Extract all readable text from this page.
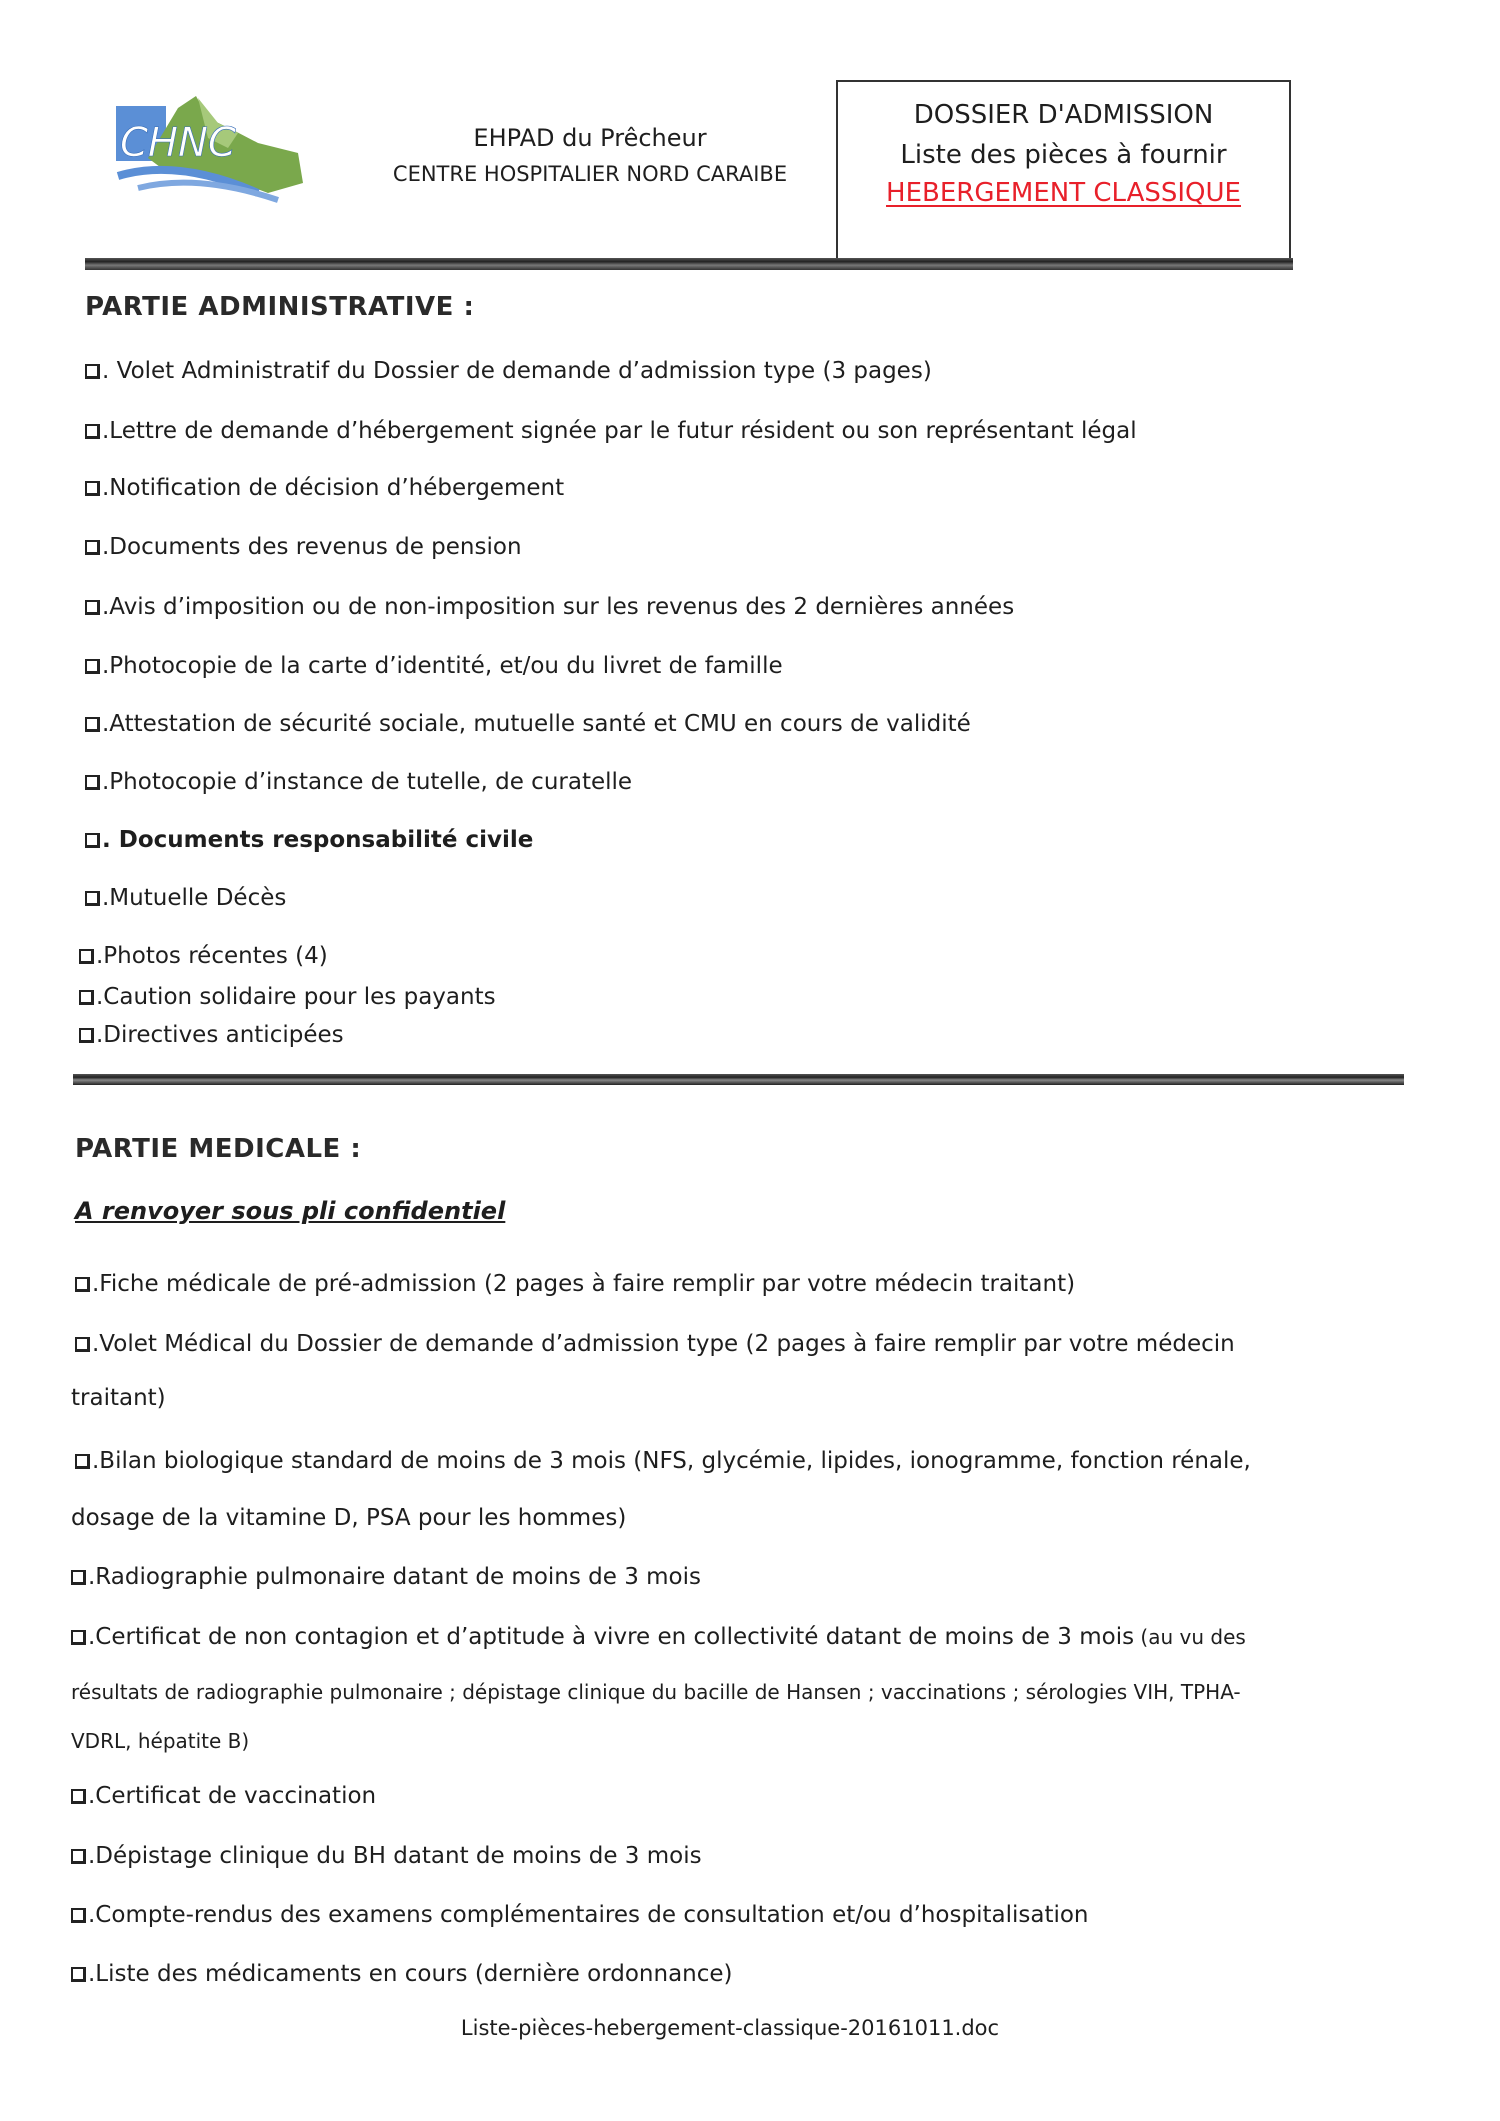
CHNC	EHPAD du Prêcheur
CENTRE HOSPITALIER NORD CARAIBE
DOSSIER D'ADMISSION
Liste des pièces à fournir
HEBERGEMENT CLASSIQUE
PARTIE ADMINISTRATIVE :
. Volet Administratif du Dossier de demande d’admission type (3 pages)
.Lettre de demande d’hébergement signée par le futur résident ou son représentant légal
.Notification de décision d’hébergement
.Documents des revenus de pension
.Avis d’imposition ou de non-imposition sur les revenus des 2 dernières années
.Photocopie de la carte d’identité, et/ou du livret de famille
.Attestation de sécurité sociale, mutuelle santé et CMU en cours de validité
.Photocopie d’instance de tutelle, de curatelle
. Documents responsabilité civile
.Mutuelle Décès
.Photos récentes (4)
.Caution solidaire pour les payants
.Directives anticipées
PARTIE MEDICALE :
A renvoyer sous pli confidentiel
.Fiche médicale de pré-admission (2 pages à faire remplir par votre médecin traitant)
.Volet Médical du Dossier de demande d’admission type (2 pages à faire remplir par votre médecin
traitant)
.Bilan biologique standard de moins de 3 mois (NFS, glycémie, lipides, ionogramme, fonction rénale,
dosage de la vitamine D, PSA pour les hommes)
.Radiographie pulmonaire datant de moins de 3 mois
.Certificat de non contagion et d’aptitude à vivre en collectivité datant de moins de 3 mois (au vu des
résultats de radiographie pulmonaire ; dépistage clinique du bacille de Hansen ; vaccinations ; sérologies VIH, TPHA-
VDRL, hépatite B)
.Certificat de vaccination
.Dépistage clinique du BH datant de moins de 3 mois
.Compte-rendus des examens complémentaires de consultation et/ou d’hospitalisation
.Liste des médicaments en cours (dernière ordonnance)
Liste-pièces-hebergement-classique-20161011.doc
